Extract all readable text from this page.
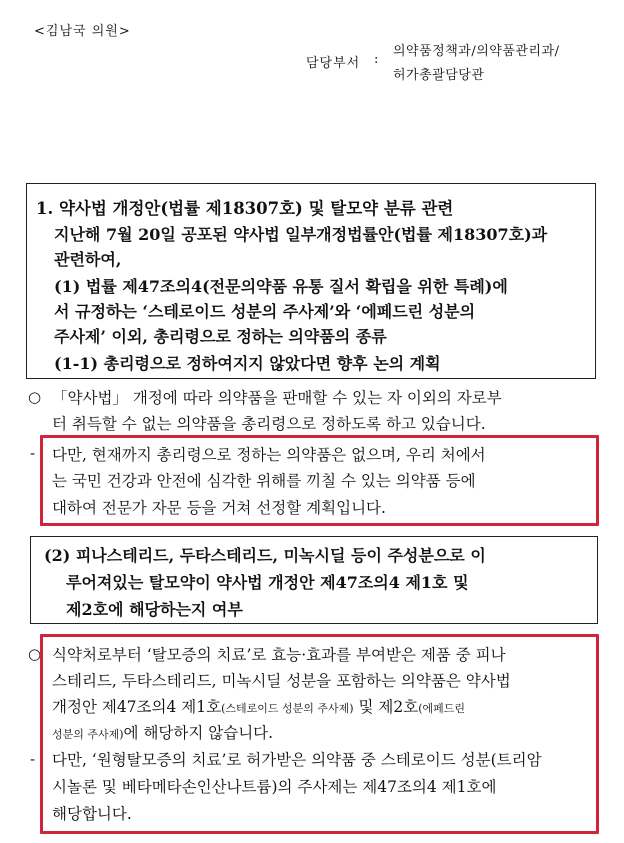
<김남국 의원>
담당부서 :
의약품정책과/의약품관리과/
허가총괄담당관
1. 약사법 개정안(법률 제18307호) 및 탈모약 분류 관련
지난해 7월 20일 공포된 약사법 일부개정법률안(법률 제18307호)과
관련하여,
(1) 법률 제47조의4(전문의약품 유통 질서 확립을 위한 특례)에
서 규정하는 ‘스테로이드 성분의 주사제’와 ‘에페드린 성분의
주사제’ 이외, 총리령으로 정하는 의약품의 종류
(1-1) 총리령으로 정하여지지 않았다면 향후 논의 계획
○ 「약사법」 개정에 따라 의약품을 판매할 수 있는 자 이외의 자로부
터 취득할 수 없는 의약품을 총리령으로 정하도록 하고 있습니다.
- 다만, 현재까지 총리령으로 정하는 의약품은 없으며, 우리 처에서
는 국민 건강과 안전에 심각한 위해를 끼칠 수 있는 의약품 등에
대하여 전문가 자문 등을 거쳐 선정할 계획입니다.
(2) 피나스테리드, 두타스테리드, 미녹시딜 등이 주성분으로 이
루어져있는 탈모약이 약사법 개정안 제47조의4 제1호 및
제2호에 해당하는지 여부
○ 식약처로부터 ‘탈모증의 치료’로 효능·효과를 부여받은 제품 중 피나
스테리드, 두타스테리드, 미녹시딜 성분을 포함하는 의약품은 약사법
개정안 제47조의4 제1호(스테로이드 성분의 주사제) 및 제2호(에페드린
성분의 주사제)에 해당하지 않습니다.
- 다만, ‘원형탈모증의 치료’로 허가받은 의약품 중 스테로이드 성분(트리암
시놀론 및 베타메타손인산나트륨)의 주사제는 제47조의4 제1호에
해당합니다.
